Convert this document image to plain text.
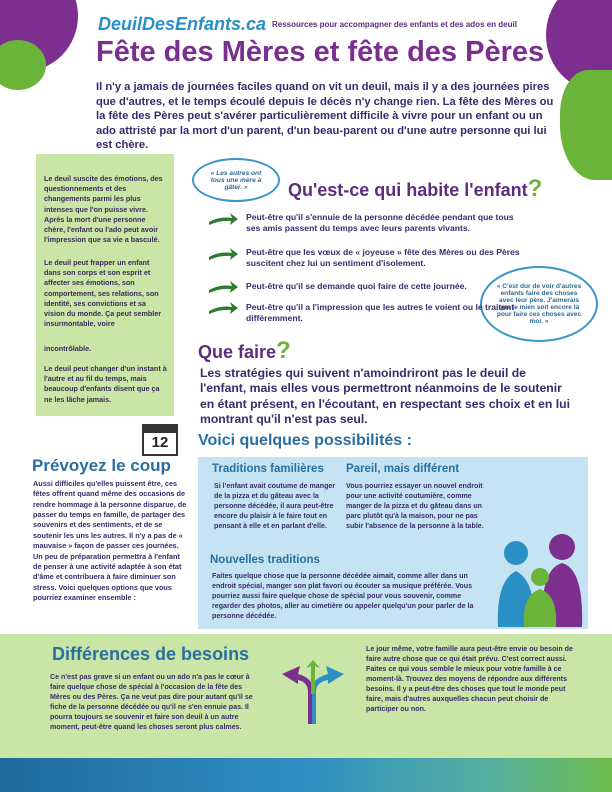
DeuilDesEnfants.ca Ressources pour accompagner des enfants et des ados en deuil
Fête des Mères et fête des Pères
Il n'y a jamais de journées faciles quand on vit un deuil, mais il y a des journées pires que d'autres, et le temps écoulé depuis le décès n'y change rien. La fête des Mères ou la fête des Pères peut s'avérer particulièrement difficile à vivre pour un enfant ou un ado attristé par la mort d'un parent, d'un beau-parent ou d'une autre personne qui lui est chère.

Le deuil suscite des émotions, des questionnements et des changements parmi les plus intenses que l'on puisse vivre. Après la mort d'une personne chère, l'enfant ou l'ado peut avoir l'impression que sa vie a basculé.

Le deuil peut frapper un enfant dans son corps et son esprit et affecter ses émotions, son comportement, ses relations, son identité, ses convictions et sa vision du monde. Ça peut sembler insurmontable, voire

incontrôlable.

Le deuil peut changer d'un instant à l'autre et au fil du temps, mais beaucoup d'enfants disent que ça ne les lâche jamais.

« Les autres ont tous une mère à gâter. »
« C'est dur de voir d'autres enfants faire des choses avec leur père. J'aimerais que le mien soit encore là pour faire ces choses avec moi. »
Qu'est-ce qui habite l'enfant?
Peut-être qu'il s'ennuie de la personne décédée pendant que tous ses amis passent du temps avec leurs parents vivants.
Peut-être que les vœux de « joyeuse » fête des Mères ou des Pères suscitent chez lui un sentiment d'isolement.
Peut-être qu'il se demande quoi faire de cette journée.
Peut-être qu'il a l'impression que les autres le voient ou le traitent différemment.
Que faire?
Les stratégies qui suivent n'amoindriront pas le deuil de l'enfant, mais elles vous permettront néanmoins de le soutenir en étant présent, en l'écoutant, en respectant ses choix et en lui montrant qu'il n'est pas seul.
12
Prévoyez le coup
Aussi difficiles qu'elles puissent être, ces fêtes offrent quand même des occasions de rendre hommage à la personne disparue, de passer du temps en famille, de partager des souvenirs et des sentiments, et de se soutenir les uns les autres. Il n'y a pas de « mauvaise » façon de passer ces journées. Un peu de préparation permettra à l'enfant de penser à une activité adaptée à son état d'âme et contribuera à faire diminuer son stress. Voici quelques options que vous pourriez examiner ensemble :
Voici quelques possibilités :
Traditions familières
Si l'enfant avait coutume de manger de la pizza et du gâteau avec la personne décédée, il aura peut-être encore du plaisir à le faire tout en pensant à elle et en parlant d'elle.
Pareil, mais différent
Vous pourriez essayer un nouvel endroit pour une activité coutumière, comme manger de la pizza et du gâteau dans un parc plutôt qu'à la maison, pour ne pas subir l'absence de la personne à la table.
Nouvelles traditions
Faites quelque chose que la personne décédée aimait, comme aller dans un endroit spécial, manger son plat favori ou écouter sa musique préférée. Vous pourriez aussi faire quelque chose de spécial pour vous souvenir, comme regarder des photos, aller au cimetière ou appeler quelqu'un pour parler de la personne décédée.
Différences de besoins
Ce n'est pas grave si un enfant ou un ado n'a pas le cœur à faire quelque chose de spécial à l'occasion de la fête des Mères ou des Pères. Ça ne veut pas dire pour autant qu'il se fiche de la personne décédée ou qu'il ne s'en ennuie pas. Il pourra toujours se souvenir et faire son deuil à un autre moment, peut-être quand les choses seront plus calmes.
Le jour même, votre famille aura peut-être envie ou besoin de faire autre chose que ce qui était prévu. C'est correct aussi. Faites ce qui vous semble le mieux pour votre famille à ce moment-là. Trouvez des moyens de répondre aux différents besoins. Il y a peut-être des choses que tout le monde peut faire, mais d'autres auxquelles chacun peut choisir de participer ou non.
